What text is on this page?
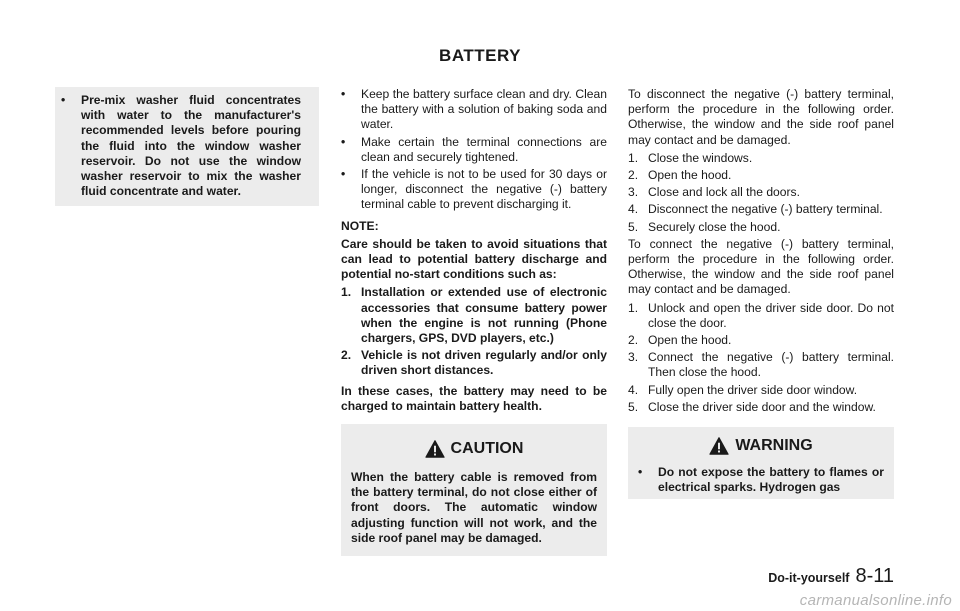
BATTERY
• Pre-mix washer fluid concentrates with water to the manufacturer's recommended levels before pouring the fluid into the window washer reservoir. Do not use the window washer reservoir to mix the washer fluid concentrate and water.
• Keep the battery surface clean and dry. Clean the battery with a solution of baking soda and water.
• Make certain the terminal connections are clean and securely tightened.
• If the vehicle is not to be used for 30 days or longer, disconnect the negative (-) battery terminal cable to prevent discharging it.

NOTE:

Care should be taken to avoid situations that can lead to potential battery discharge and potential no-start conditions such as:

1. Installation or extended use of electronic accessories that consume battery power when the engine is not running (Phone chargers, GPS, DVD players, etc.)
2. Vehicle is not driven regularly and/or only driven short distances.

In these cases, the battery may need to be charged to maintain battery health.

CAUTION

When the battery cable is removed from the battery terminal, do not close either of front doors. The automatic window adjusting function will not work, and the side roof panel may be damaged.

To disconnect the negative (-) battery terminal, perform the procedure in the following order. Otherwise, the window and the side roof panel may contact and be damaged.

1. Close the windows.
2. Open the hood.
3. Close and lock all the doors.
4. Disconnect the negative (-) battery terminal.
5. Securely close the hood.

To connect the negative (-) battery terminal, perform the procedure in the following order. Otherwise, the window and the side roof panel may contact and be damaged.

1. Unlock and open the driver side door. Do not close the door.
2. Open the hood.
3. Connect the negative (-) battery terminal. Then close the hood.
4. Fully open the driver side door window.
5. Close the driver side door and the window.
WARNING
• Do not expose the battery to flames or electrical sparks. Hydrogen gas
Do-it-yourself 8-11
carmanualsonline.info
